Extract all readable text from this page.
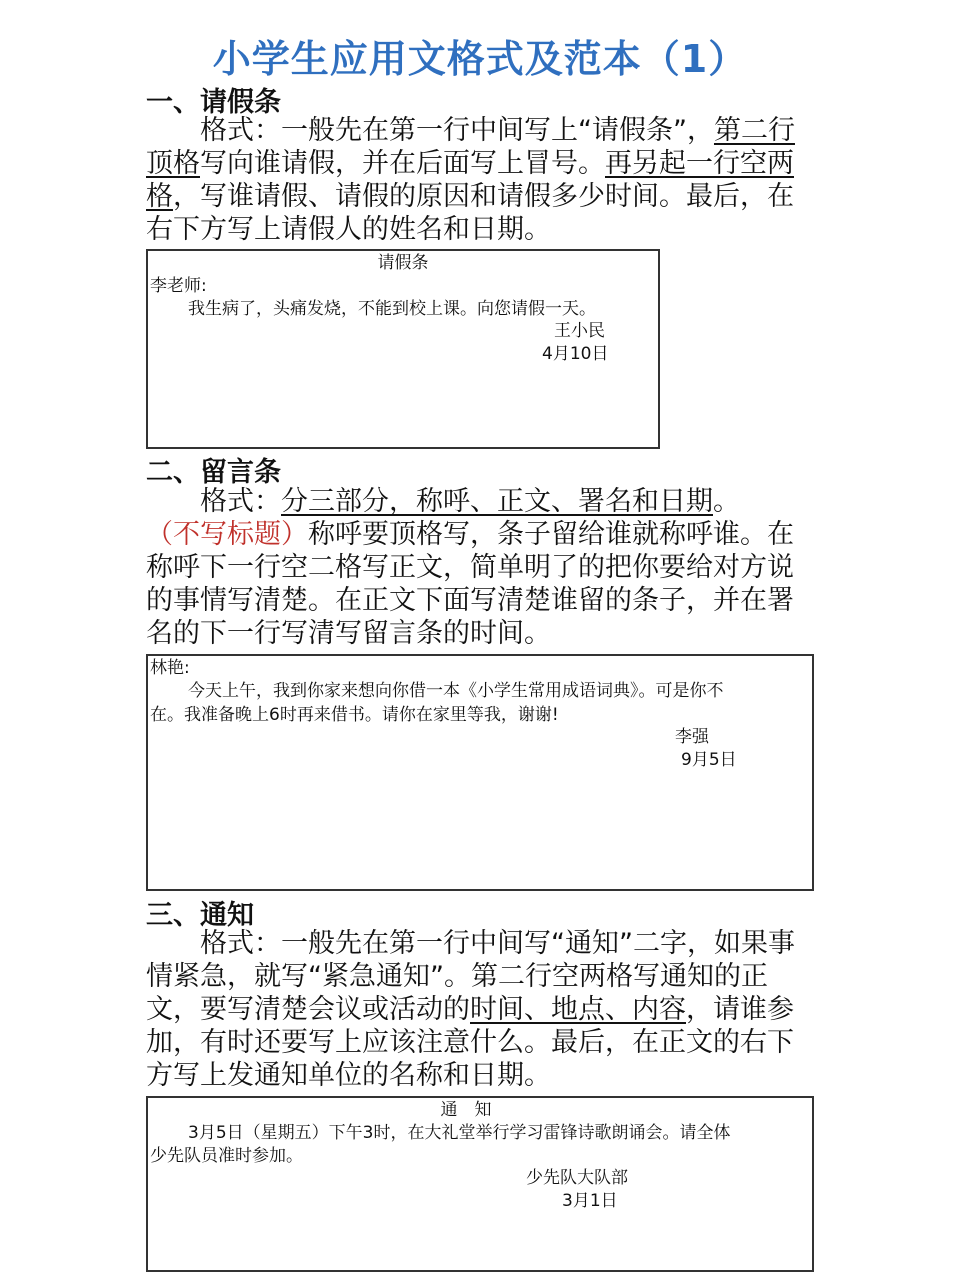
小学生应用文格式及范本（1）
一、请假条
　　格式：一般先在第一行中间写上“请假条”，第二行顶格写向谁请假，并在后面写上冒号。再另起一行空两格，写谁请假、请假的原因和请假多少时间。最后，在右下方写上请假人的姓名和日期。
请假条
李老师:
我生病了，头痛发烧，不能到校上课。向您请假一天。
王小民
4月10日
二、留言条
　　格式：分三部分，称呼、正文、署名和日期。
（不写标题）称呼要顶格写，条子留给谁就称呼谁。在称呼下一行空二格写正文，简单明了的把你要给对方说的事情写清楚。在正文下面写清楚谁留的条子，并在署名的下一行写清写留言条的时间。
林艳:
今天上午，我到你家来想向你借一本《小学生常用成语词典》。可是你不
在。我准备晚上6时再来借书。请你在家里等我，谢谢!
李强
9月5日
三、通知
　　格式：一般先在第一行中间写“通知”二字，如果事情紧急，就写“紧急通知”。第二行空两格写通知的正文，要写清楚会议或活动的时间、地点、内容，请谁参加，有时还要写上应该注意什么。最后，在正文的右下方写上发通知单位的名称和日期。
通　知
3月5日（星期五）下午3时，在大礼堂举行学习雷锋诗歌朗诵会。请全体
少先队员准时参加。
少先队大队部
3月1日
